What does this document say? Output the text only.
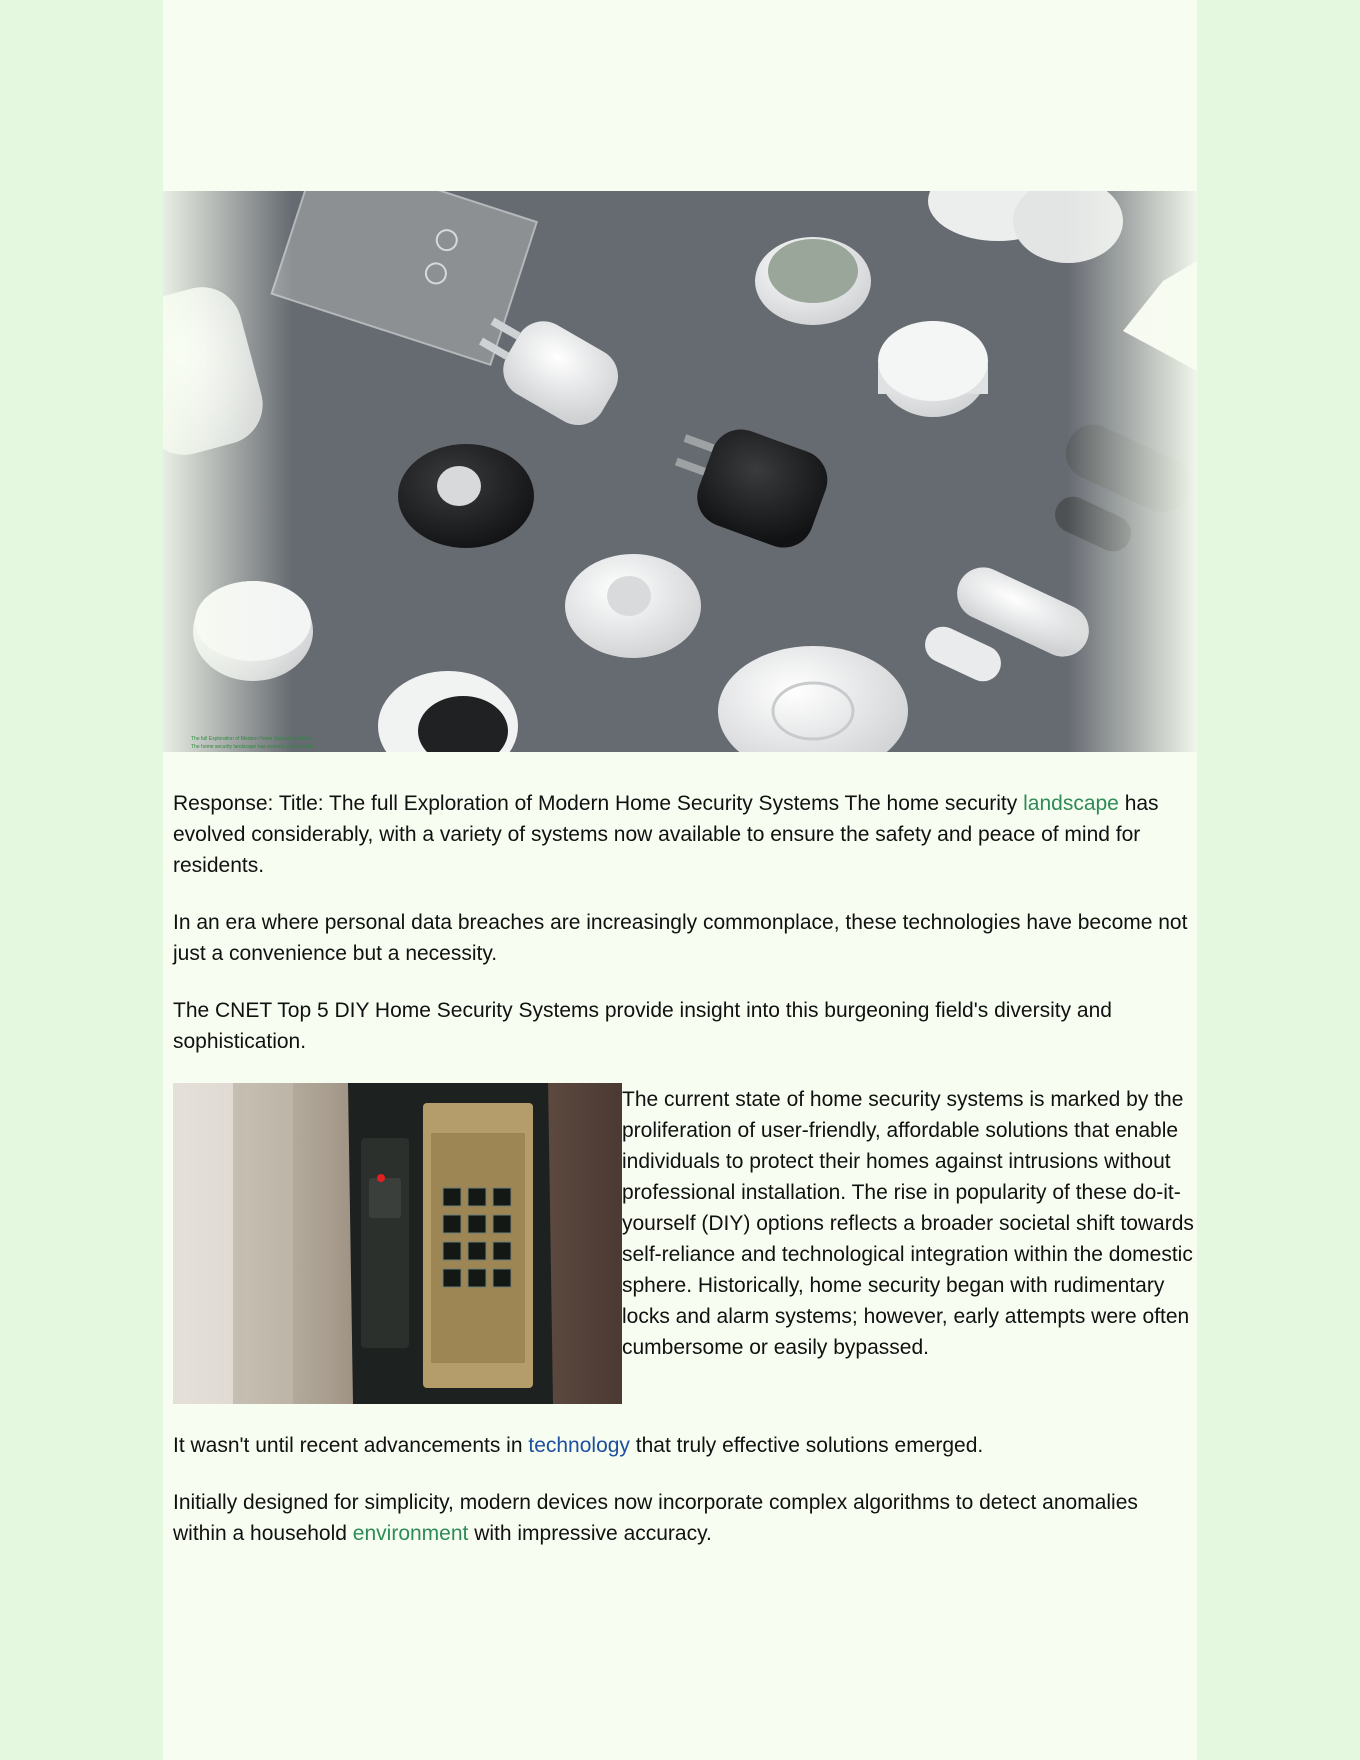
The full Exploration of Modern Home Security Systems
The home security landscape has evolved considerably

Response: Title: The full Exploration of Modern Home Security Systems The home security landscape has evolved considerably, with a variety of systems now available to ensure the safety and peace of mind for residents.

In an era where personal data breaches are increasingly commonplace, these technologies have become not just a convenience but a necessity.

The CNET Top 5 DIY Home Security Systems provide insight into this burgeoning field's diversity and sophistication.

The current state of home security systems is marked by the proliferation of user-friendly, affordable solutions that enable individuals to protect their homes against intrusions without professional installation. The rise in popularity of these do-it-yourself (DIY) options reflects a broader societal shift towards self-reliance and technological integration within the domestic sphere. Historically, home security began with rudimentary locks and alarm systems; however, early attempts were often cumbersome or easily bypassed.

It wasn't until recent advancements in technology that truly effective solutions emerged.

Initially designed for simplicity, modern devices now incorporate complex algorithms to detect anomalies within a household environment with impressive accuracy.
